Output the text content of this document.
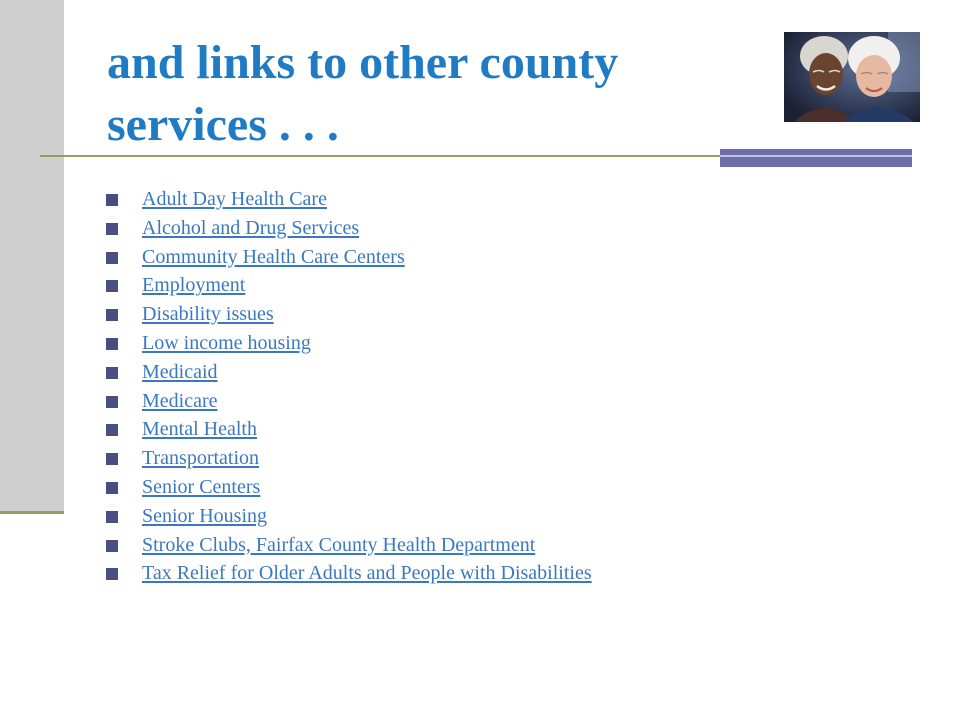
and links to other county
services . . .
Adult Day Health Care
Alcohol and Drug Services
Community Health Care Centers
Employment
Disability issues
Low income housing
Medicaid
Medicare
Mental Health
Transportation
Senior Centers
Senior Housing
Stroke Clubs, Fairfax County Health Department
Tax Relief for Older Adults and People with Disabilities
